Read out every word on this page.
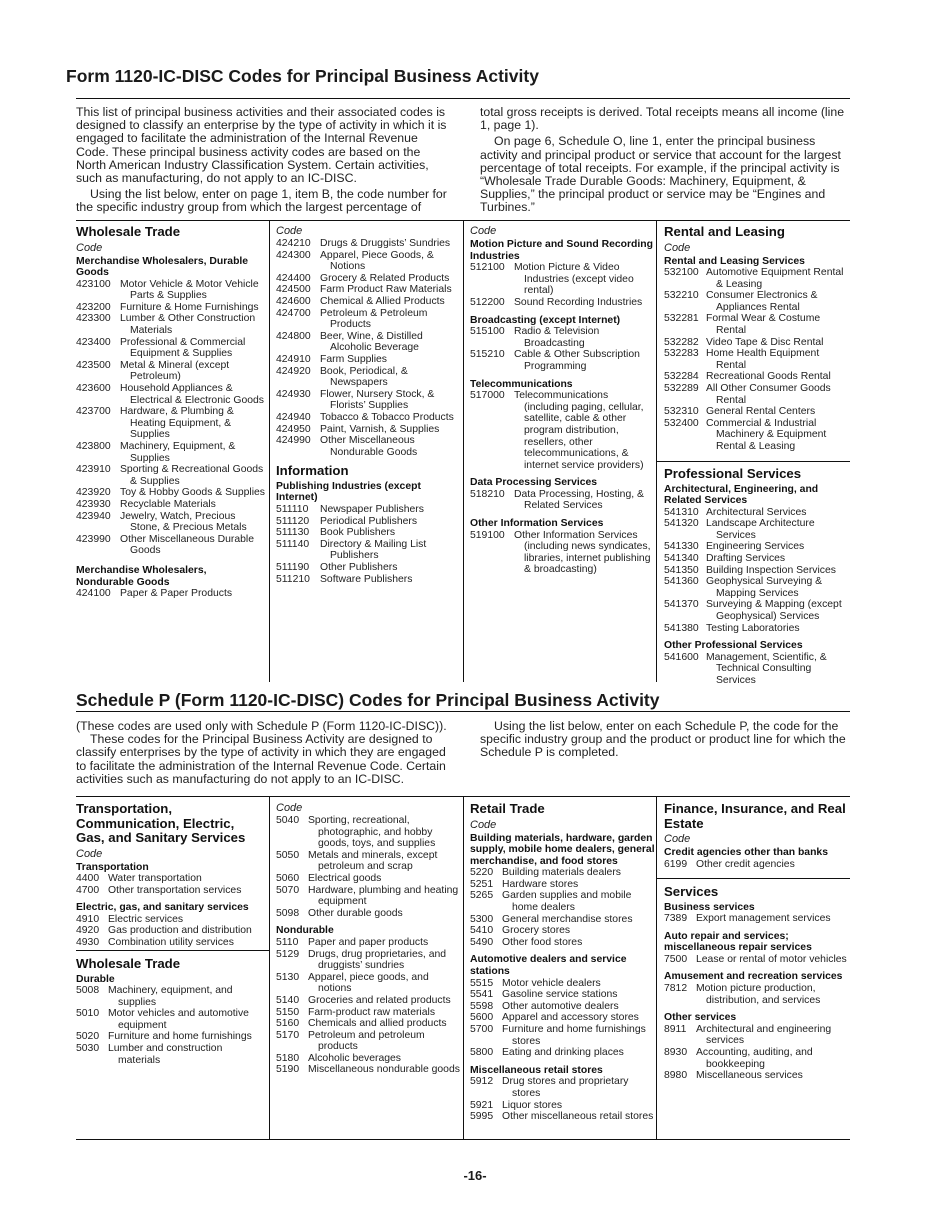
Form 1120-IC-DISC Codes for Principal Business Activity

This list of principal business activities and their associated codes is designed to classify an enterprise by the type of activity in which it is engaged to facilitate the administration of the Internal Revenue Code. These principal business activity codes are based on the North American Industry Classification System. Certain activities, such as manufacturing, do not apply to an IC-DISC.

Using the list below, enter on page 1, item B, the code number for the specific industry group from which the largest percentage of

total gross receipts is derived. Total receipts means all income (line 1, page 1).

On page 6, Schedule O, line 1, enter the principal business activity and principal product or service that account for the largest percentage of total receipts. For example, if the principal activity is “Wholesale Trade Durable Goods: Machinery, Equipment, & Supplies,” the principal product or service may be “Engines and Turbines.”

Wholesale Trade
Code
Merchandise Wholesalers, Durable Goods
423100 Motor Vehicle & Motor Vehicle Parts & Supplies
423200 Furniture & Home Furnishings
423300 Lumber & Other Construction Materials
423400 Professional & Commercial Equipment & Supplies
423500 Metal & Mineral (except Petroleum)
423600 Household Appliances & Electrical & Electronic Goods
423700 Hardware, & Plumbing & Heating Equipment, & Supplies
423800 Machinery, Equipment, & Supplies
423910 Sporting & Recreational Goods & Supplies
423920 Toy & Hobby Goods & Supplies
423930 Recyclable Materials
423940 Jewelry, Watch, Precious Stone, & Precious Metals
423990 Other Miscellaneous Durable Goods
Merchandise Wholesalers, Nondurable Goods
424100 Paper & Paper Products
Code
424210 Drugs & Druggists’ Sundries
424300 Apparel, Piece Goods, & Notions
424400 Grocery & Related Products
424500 Farm Product Raw Materials
424600 Chemical & Allied Products
424700 Petroleum & Petroleum Products
424800 Beer, Wine, & Distilled Alcoholic Beverage
424910 Farm Supplies
424920 Book, Periodical, & Newspapers
424930 Flower, Nursery Stock, & Florists’ Supplies
424940 Tobacco & Tobacco Products
424950 Paint, Varnish, & Supplies
424990 Other Miscellaneous Nondurable Goods
Information
Publishing Industries (except Internet)
511110	Newspaper Publishers
511120	Periodical Publishers
511130	Book Publishers
511140	Directory & Mailing List Publishers
511190	Other Publishers
511210 Software Publishers
Code
Motion Picture and Sound Recording Industries
512100 Motion Picture & Video Industries (except video rental)
512200 Sound Recording Industries
Broadcasting (except Internet)
515100 Radio & Television Broadcasting
515210 Cable & Other Subscription Programming
Telecommunications
517000 Telecommunications (including paging, cellular, satellite, cable & other program distribution, resellers, other telecommunications, & internet service providers)
Data Processing Services
518210 Data Processing, Hosting, & Related Services
Other Information Services
519100 Other Information Services (including news syndicates, libraries, internet publishing & broadcasting)
Rental and Leasing
Code
Rental and Leasing Services
532100 Automotive Equipment Rental & Leasing
532210 Consumer Electronics & Appliances Rental
532281 Formal Wear & Costume Rental
532282 Video Tape & Disc Rental
532283 Home Health Equipment Rental
532284 Recreational Goods Rental
532289 All Other Consumer Goods Rental
532310 General Rental Centers
532400 Commercial & Industrial Machinery & Equipment Rental & Leasing
Professional Services
Architectural, Engineering, and Related Services
541310 Architectural Services
541320 Landscape Architecture Services
541330 Engineering Services
541340 Drafting Services
541350 Building Inspection Services
541360 Geophysical Surveying & Mapping Services
541370 Surveying & Mapping (except Geophysical) Services
541380 Testing Laboratories
Other Professional Services
541600 Management, Scientific, & Technical Consulting Services
Schedule P (Form 1120-IC-DISC) Codes for Principal Business Activity

(These codes are used only with Schedule P (Form 1120-IC-DISC)).

These codes for the Principal Business Activity are designed to classify enterprises by the type of activity in which they are engaged to facilitate the administration of the Internal Revenue Code. Certain activities such as manufacturing do not apply to an IC-DISC.

Using the list below, enter on each Schedule P, the code for the specific industry group and the product or product line for which the Schedule P is completed.

Transportation, Communication, Electric, Gas, and Sanitary Services
Code
Transportation
4400 Water transportation
4700 Other transportation services
Electric, gas, and sanitary services
4910 Electric services
4920 Gas production and distribution
4930 Combination utility services
Wholesale Trade
Durable
5008 Machinery, equipment, and supplies
5010 Motor vehicles and automotive equipment
5020 Furniture and home furnishings
5030 Lumber and construction materials
Code
5040 Sporting, recreational, photographic, and hobby goods, toys, and supplies
5050 Metals and minerals, except petroleum and scrap
5060 Electrical goods
5070 Hardware, plumbing and heating equipment
5098 Other durable goods
Nondurable
5110 Paper and paper products
5129 Drugs, drug proprietaries, and druggists’ sundries
5130 Apparel, piece goods, and notions
5140 Groceries and related products
5150 Farm-product raw materials
5160 Chemicals and allied products
5170 Petroleum and petroleum products
5180 Alcoholic beverages
5190 Miscellaneous nondurable goods
Retail Trade
Code
Building materials, hardware, garden supply, mobile home dealers, general merchandise, and food stores
5220 Building materials dealers
5251 Hardware stores
5265 Garden supplies and mobile home dealers
5300 General merchandise stores
5410 Grocery stores
5490 Other food stores
Automotive dealers and service stations
5515 Motor vehicle dealers
5541 Gasoline service stations
5598 Other automotive dealers
5600 Apparel and accessory stores
5700 Furniture and home furnishings stores
5800 Eating and drinking places
Miscellaneous retail stores
5912 Drug stores and proprietary stores
5921 Liquor stores
5995 Other miscellaneous retail stores
Finance, Insurance, and Real Estate
Code
Credit agencies other than banks
6199 Other credit agencies
Services
Business services
7389 Export management services
Auto repair and services; miscellaneous repair services
7500 Lease or rental of motor vehicles
Amusement and recreation services
7812 Motion picture production, distribution, and services
Other services
8911 Architectural and engineering services
8930 Accounting, auditing, and bookkeeping
8980 Miscellaneous services
-16-
